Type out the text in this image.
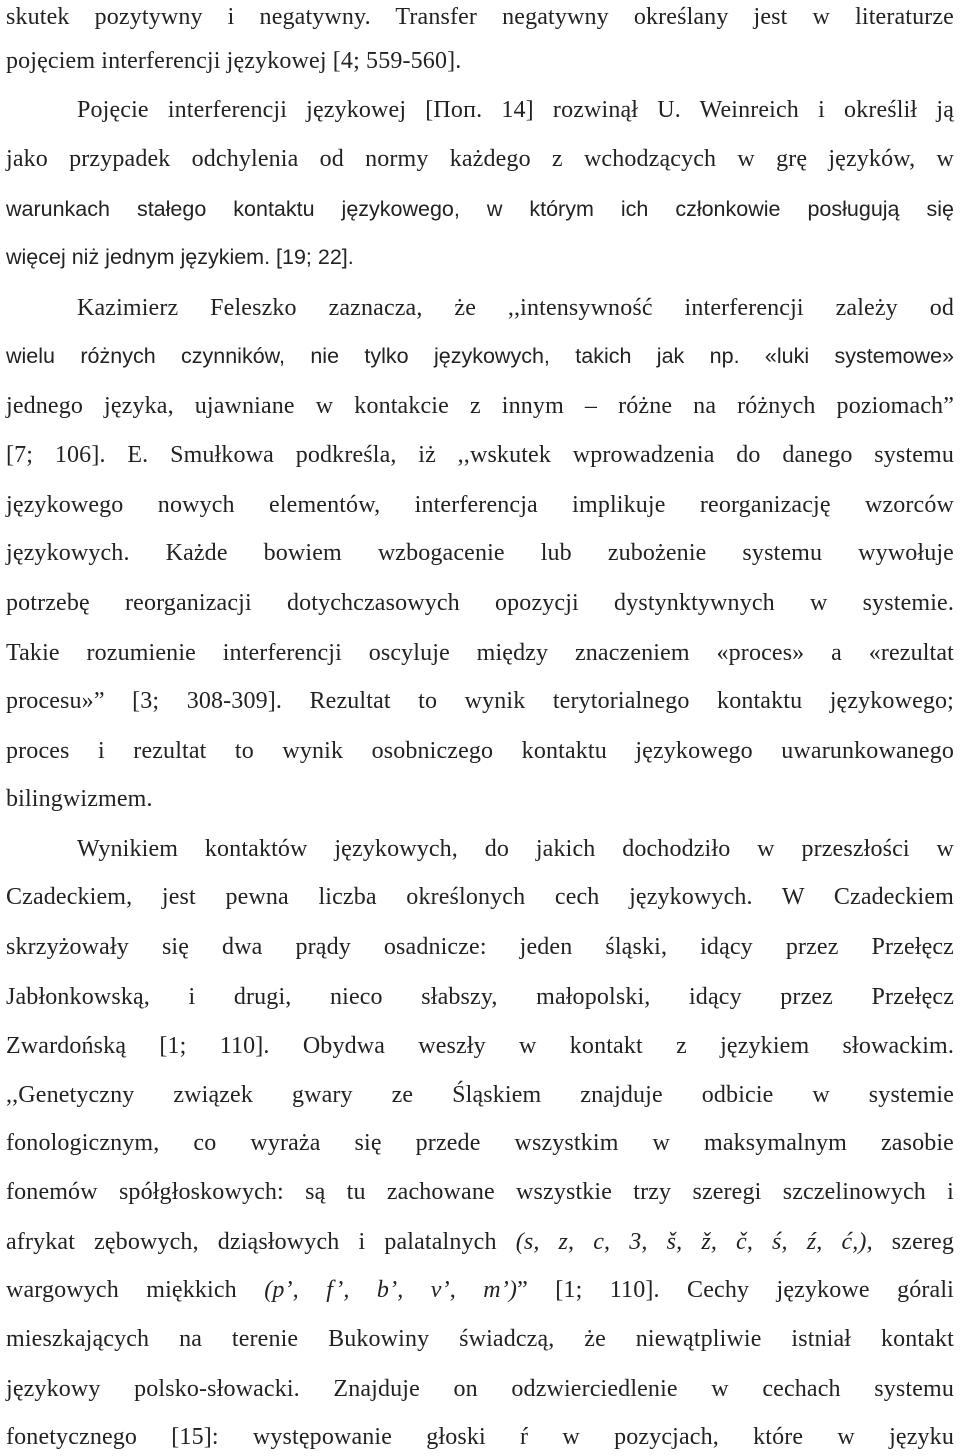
skutek pozytywny i negatywny. Transfer negatywny określany jest w literaturze
pojęciem interferencji językowej [4; 559-560].
Pojęcie interferencji językowej [Поп. 14] rozwinął U. Weinreich i określił ją
jako przypadek odchylenia od normy każdego z wchodzących w grę języków, w
warunkach stałego kontaktu językowego, w którym ich członkowie posługują się
więcej niż jednym językiem. [19; 22].
Kazimierz Feleszko zaznacza, że ,,intensywność interferencji zależy od
wielu różnych czynników, nie tylko językowych, takich jak np. «luki systemowe»
jednego języka, ujawniane w kontakcie z innym – różne na różnych poziomach”
[7; 106]. E. Smułkowa podkreśla, iż ,,wskutek wprowadzenia do danego systemu
językowego nowych elementów, interferencja implikuje reorganizację wzorców
językowych. Każde bowiem wzbogacenie lub zubożenie systemu wywołuje
potrzebę reorganizacji dotychczasowych opozycji dystynktywnych w systemie.
Takie rozumienie interferencji oscyluje między znaczeniem «proces» a «rezultat
procesu»” [3; 308-309]. Rezultat to wynik terytorialnego kontaktu językowego;
proces i rezultat to wynik osobniczego kontaktu językowego uwarunkowanego
bilingwizmem.
Wynikiem kontaktów językowych, do jakich dochodziło w przeszłości w
Czadeckiem, jest pewna liczba określonych cech językowych. W Czadeckiem
skrzyżowały się dwa prądy osadnicze: jeden śląski, idący przez Przełęcz
Jabłonkowską, i drugi, nieco słabszy, małopolski, idący przez Przełęcz
Zwardońską [1; 110]. Obydwa weszły w kontakt z językiem słowackim.
,,Genetyczny związek gwary ze Śląskiem znajduje odbicie w systemie
fonologicznym, co wyraża się przede wszystkim w maksymalnym zasobie
fonemów spółgłoskowych: są tu zachowane wszystkie trzy szeregi szczelinowych i
afrykat zębowych, dziąsłowych i palatalnych (s, z, c, 3, š, ž, č, ś, ź, ć,), szereg
wargowych miękkich (p’, f’, b’, v’, m’)” [1; 110]. Cechy językowe górali
mieszkających na terenie Bukowiny świadczą, że niewątpliwie istniał kontakt
językowy polsko-słowacki. Znajduje on odzwierciedlenie w cechach systemu
fonetycznego [15]: występowanie głoski ŕ w pozycjach, które w języku
